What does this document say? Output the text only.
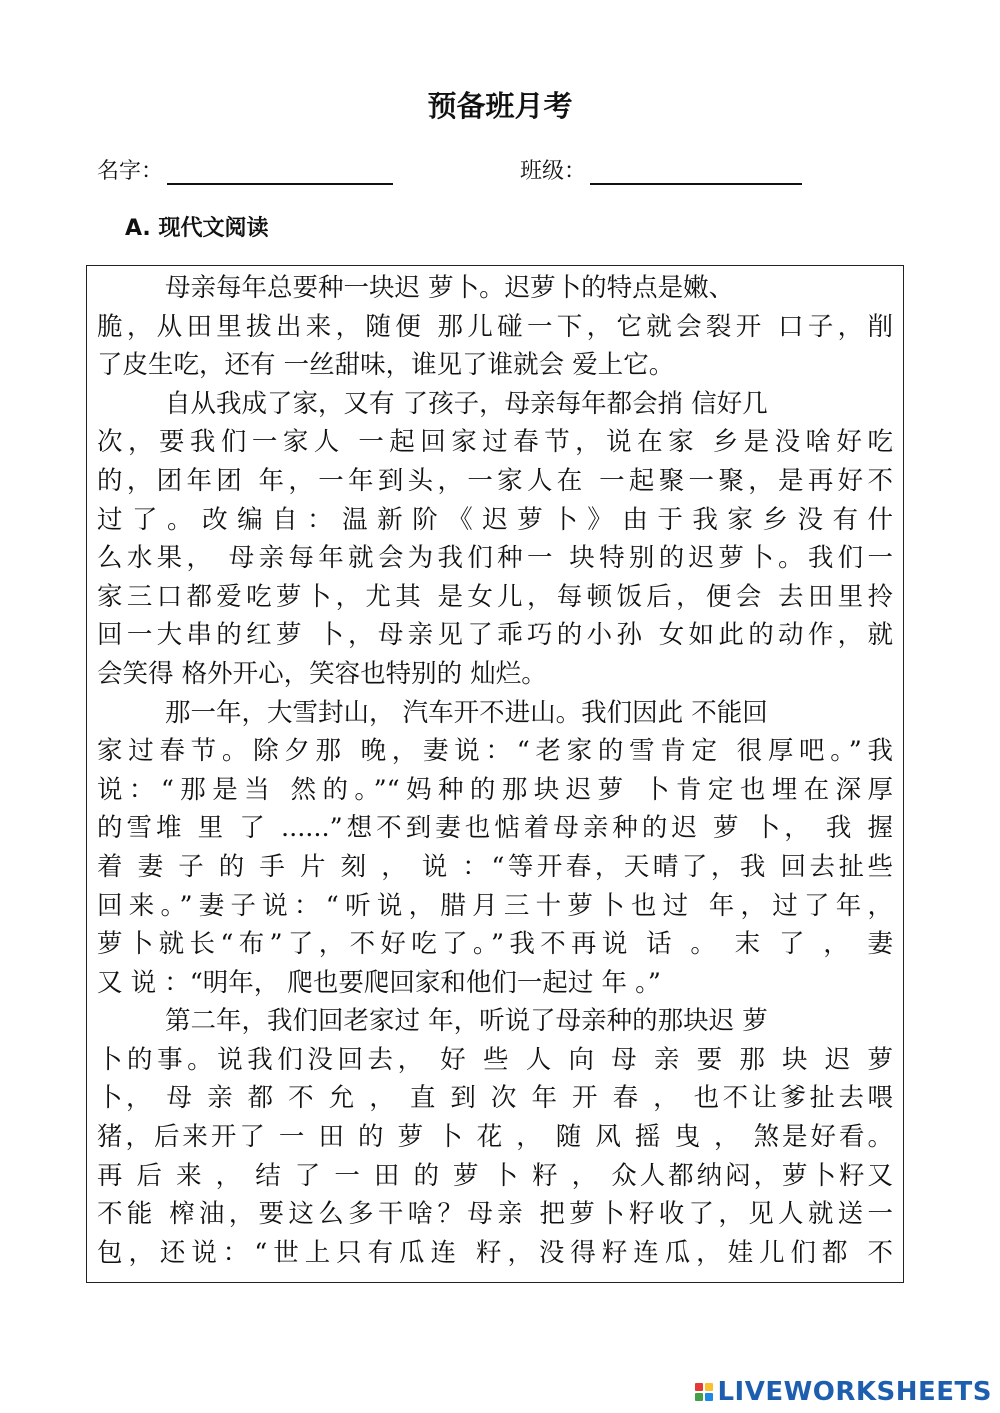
预备班月考
名字：	班级：
A. 现代文阅读
母亲每年总要种一块迟 萝卜。迟萝卜的特点是嫩、
脆，从田里拔出来，随便 那儿碰一下，它就会裂开 口子，削
了皮生吃，还有 一丝甜味，谁见了谁就会 爱上它。
自从我成了家，又有 了孩子，母亲每年都会捎 信好几
次，要我们一家人 一起回家过春节，说在家 乡是没啥好吃
的，团年团 年，一年到头，一家人在 一起聚一聚，是再好不
过了。改编自：温新阶《迟萝卜》由于我家乡没有什
么水果， 母亲每年就会为我们种一 块特别的迟萝卜。我们一
家三口都爱吃萝卜，尤其 是女儿，每顿饭后，便会 去田里拎
回一大串的红萝 卜，母亲见了乖巧的小孙 女如此的动作，就
会笑得 格外开心，笑容也特别的 灿烂。
那一年，大雪封山， 汽车开不进山。我们因此 不能回
家过春节。除夕那 晚，妻说：“老家的雪肯定 很厚吧。”我
说：“那是当 然的。”“妈种的那块迟萝 卜肯定也埋在深厚
的雪堆 里 了 ......”想不到妻也惦着母亲种的迟 萝 卜， 我 握
着 妻 子 的 手 片 刻 ， 说 ：“等开春，天晴了，我 回去扯些
回来。”妻子说：“听说，腊月三十萝卜也过 年，过了年，
萝卜就长“布”了，不好吃了。”我不再说 话 。 末 了 ， 妻
又 说 ：“明年， 爬也要爬回家和他们一起过 年 。”
第二年，我们回老家过 年，听说了母亲种的那块迟 萝
卜的事。说我们没回去， 好 些 人 向 母 亲 要 那 块 迟 萝
卜， 母 亲 都 不 允 ， 直 到 次 年 开 春 ， 也不让爹扯去喂
猪，后来开了 一 田 的 萝 卜 花 ， 随 风 摇 曳 ， 煞是好看。
再 后 来 ， 结 了 一 田 的 萝 卜 籽 ， 众人都纳闷，萝卜籽又
不能 榨油，要这么多干啥？母亲 把萝卜籽收了，见人就送一
包，还说：“世上只有瓜连 籽，没得籽连瓜，娃儿们都 不
LIVEWORKSHEETS
